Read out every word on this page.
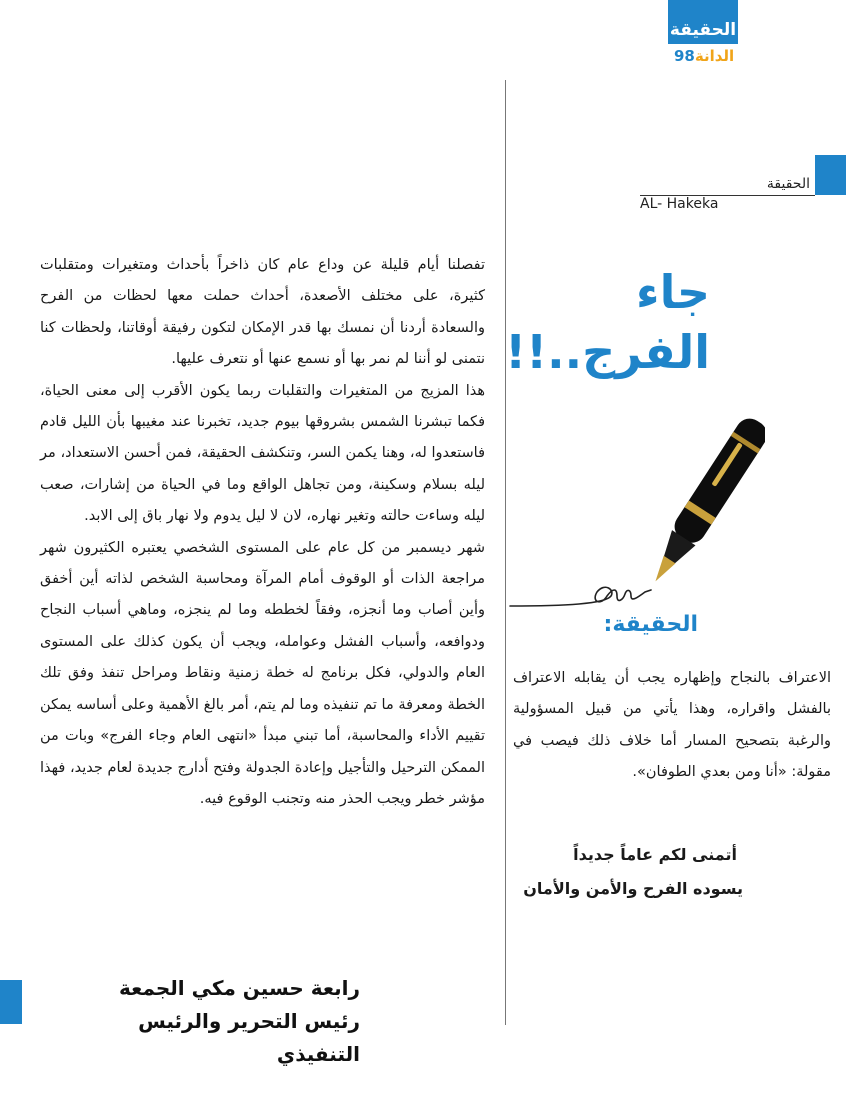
الحقيقة
98 الدانة
الحقيقة
AL- Hakeka

تفصلنا أيام قليلة عن وداع عام كان ذاخراً بأحداث ومتغيرات ومتقلبات كثيرة، على مختلف الأصعدة، أحداث حملت معها لحظات من الفرح والسعادة أردنا أن نمسك بها قدر الإمكان لتكون رفيقة أوقاتنا، ولحظات كنا نتمنى لو أننا لم نمر بها أو نسمع عنها أو نتعرف عليها.

هذا المزيج من المتغيرات والتقلبات ربما يكون الأقرب إلى معنى الحياة، فكما تبشرنا الشمس بشروقها بيوم جديد، تخبرنا عند مغيبها بأن الليل قادم فاستعدوا له، وهنا يكمن السر، وتنكشف الحقيقة، فمن أحسن الاستعداد، مر ليله بسلام وسكينة، ومن تجاهل الواقع وما في الحياة من إشارات، صعب ليله وساءت حالته وتغير نهاره، لان لا ليل يدوم ولا نهار باق إلى الابد.

شهر ديسمبر من كل عام على المستوى الشخصي يعتبره الكثيرون شهر مراجعة الذات أو الوقوف أمام المرآة ومحاسبة الشخص لذاته أين أخفق وأين أصاب وما أنجزه، وفقاً لخططه وما لم ينجزه، وماهي أسباب النجاح ودوافعه، وأسباب الفشل وعوامله، ويجب أن يكون كذلك على المستوى العام والدولي، فكل برنامج له خطة زمنية ونقاط ومراحل تنفذ وفق تلك الخطة ومعرفة ما تم تنفيذه وما لم يتم، أمر بالغ الأهمية وعلى أساسه يمكن تقييم الأداء والمحاسبة، أما تبني مبدأ «انتهى العام وجاء الفرج» وبات من الممكن الترحيل والتأجيل وإعادة الجدولة وفتح أدارج جديدة لعام جديد، فهذا مؤشر خطر ويجب الحذر منه وتجنب الوقوع فيه.

جاء
الفرج..!!
الحقيقة:

الاعتراف بالنجاح وإظهاره يجب أن يقابله الاعتراف بالفشل واقراره، وهذا يأتي من قبيل المسؤولية والرغبة بتصحيح المسار أما خلاف ذلك فيصب في مقولة: «أنا ومن بعدي الطوفان».

أتمنى لكم عاماً جديداً
يسوده الفرح والأمن والأمان
رابعة حسين مكي الجمعة
رئيس التحرير والرئيس التنفيذي
